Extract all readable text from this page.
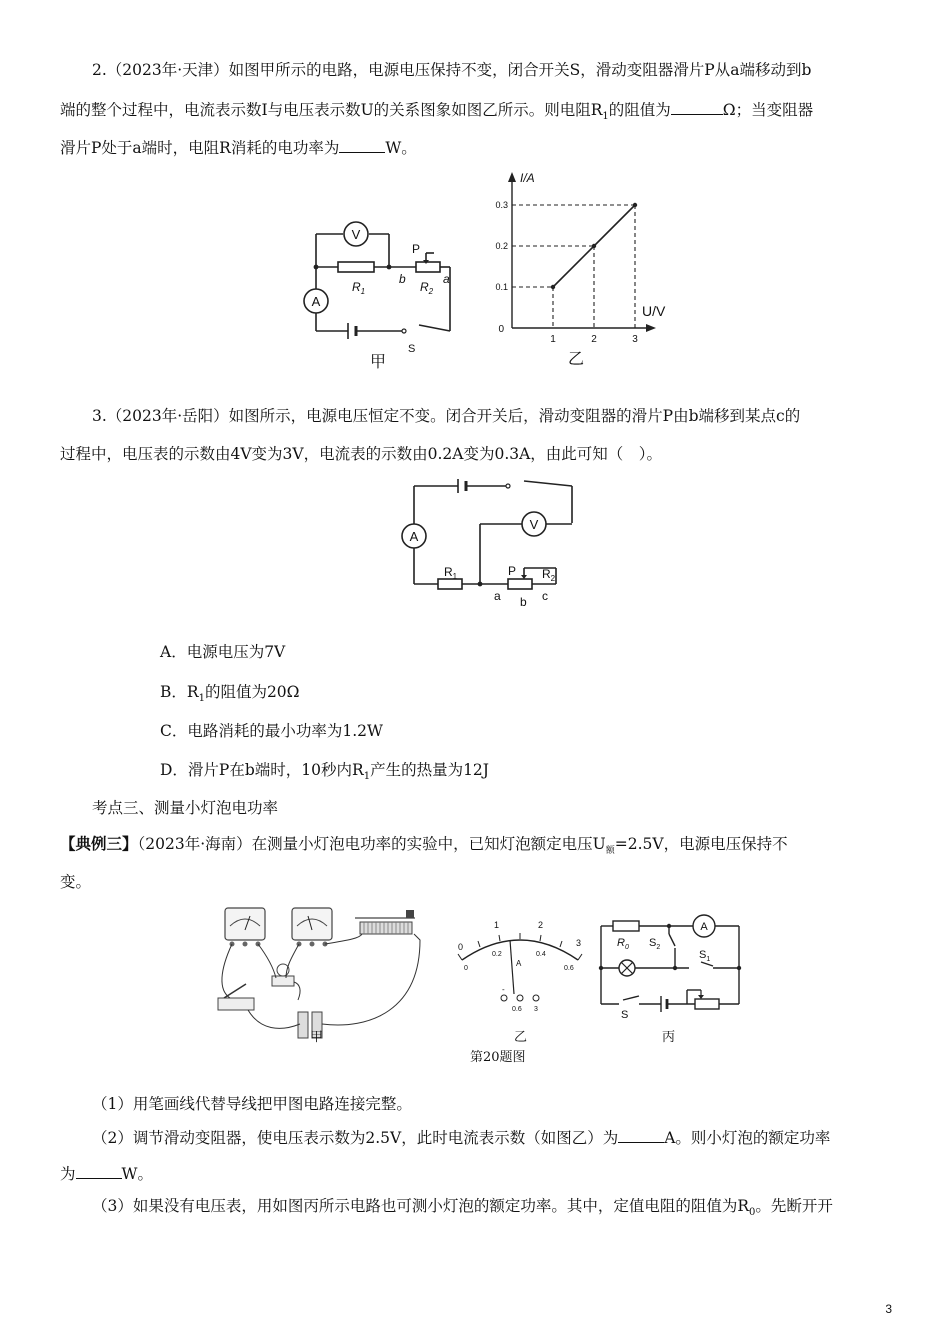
2.（2023年·天津）如图甲所示的电路，电源电压保持不变，闭合开关S，滑动变阻器滑片P从a端移动到b
端的整个过程中，电流表示数I与电压表示数U的关系图象如图乙所示。则电阻$R_1$的阻值为	Ω；当变阻器
滑片P处于a端时，电阻R消耗的电功率为	W。
V
A
$R_1$	$R_2$
P
b	a
S
甲
I/A
U/V
0
1	2	3
0.1
0.2
0.3
乙
3.（2023年·岳阳）如图所示，电源电压恒定不变。闭合开关后，滑动变阻器的滑片P由b端移到某点c的
过程中，电压表的示数由4V变为3V，电流表的示数由0.2A变为0.3A，由此可知（　）。
A
V
$R_1$	$R_2$
P
a b c
A．电源电压为7V
B．$R_1$的阻值为20Ω
C．电路消耗的最小功率为1.2W
D．滑片P在b端时，10秒内$R_1$产生的热量为12J
考点三、测量小灯泡电功率
【典例三】（2023年·海南）在测量小灯泡电功率的实验中，已知灯泡额定电压$U_额=2.5V$，电源电压保持不
变。
0
1	2
3
0
0.2	0.4
0.6
A
-
0.6 3
A
$R_0$ $S_2$
$S_1$
S
甲	乙	丙
第20题图
（1）用笔画线代替导线把甲图电路连接完整。
（2）调节滑动变阻器，使电压表示数为2.5V，此时电流表示数（如图乙）为	A。则小灯泡的额定功率
为	W。
（3）如果没有电压表，用如图丙所示电路也可测小灯泡的额定功率。其中，定值电阻的阻值为$R_0$。先断开开
3
